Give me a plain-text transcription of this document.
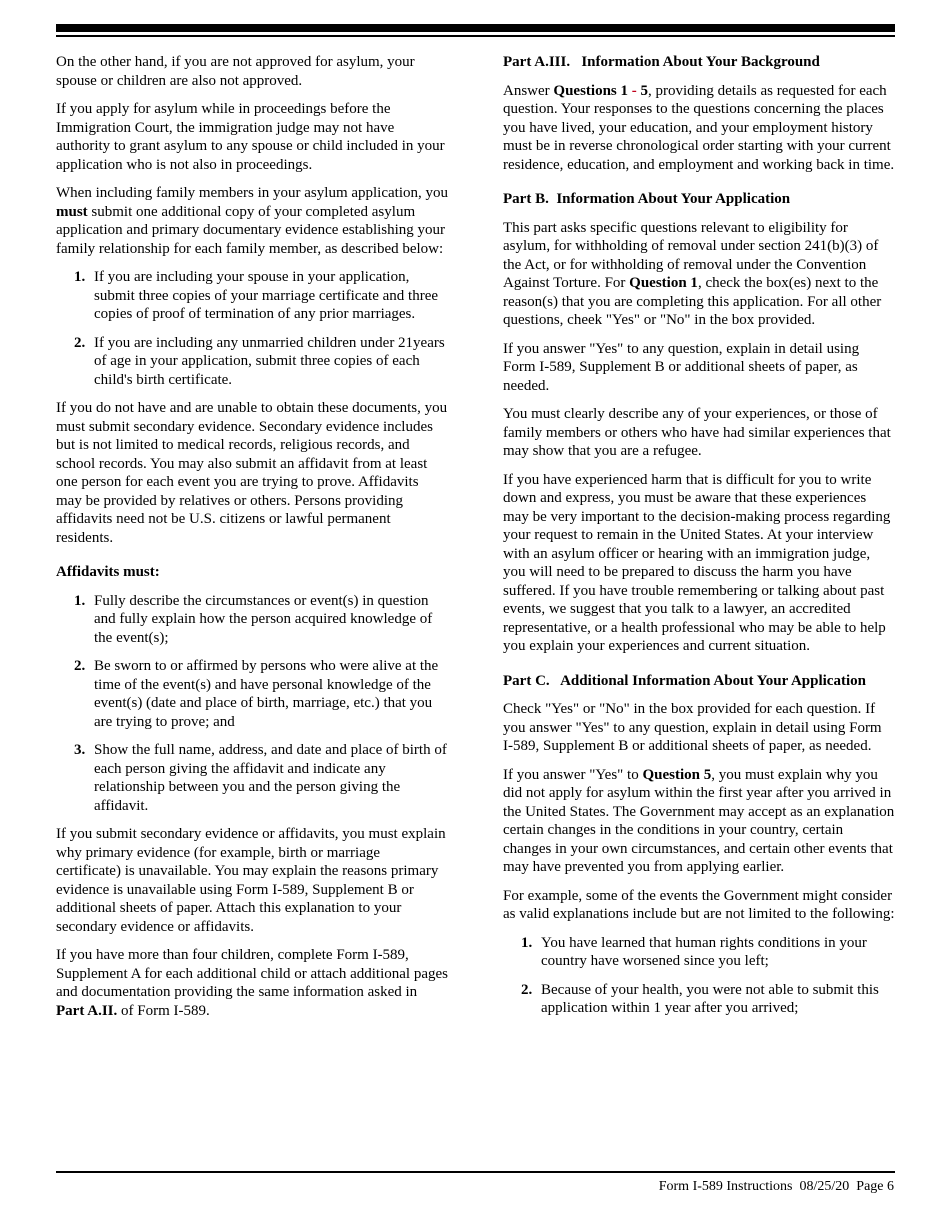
On the other hand, if you are not approved for asylum, your spouse or children are also not approved.

If you apply for asylum while in proceedings before the Immigration Court, the immigration judge may not have authority to grant asylum to any spouse or child included in your application who is not also in proceedings.

When including family members in your asylum application, you must submit one additional copy of your completed asylum application and primary documentary evidence establishing your family relationship for each family member, as described below:

1. If you are including your spouse in your application, submit three copies of your marriage certificate and three copies of proof of termination of any prior marriages.
2. If you are including any unmarried children under 21years of age in your application, submit three copies of each child's birth certificate.

If you do not have and are unable to obtain these documents, you must submit secondary evidence. Secondary evidence includes but is not limited to medical records, religious records, and school records. You may also submit an affidavit from at least one person for each event you are trying to prove. Affidavits may be provided by relatives or others. Persons providing affidavits need not be U.S. citizens or lawful permanent residents.

Affidavits must:

1. Fully describe the circumstances or event(s) in question and fully explain how the person acquired knowledge of the event(s);
2. Be sworn to or affirmed by persons who were alive at the time of the event(s) and have personal knowledge of the event(s) (date and place of birth, marriage, etc.) that you are trying to prove; and
3. Show the full name, address, and date and place of birth of each person giving the affidavit and indicate any relationship between you and the person giving the affidavit.

If you submit secondary evidence or affidavits, you must explain why primary evidence (for example, birth or marriage certificate) is unavailable. You may explain the reasons primary evidence is unavailable using Form I-589, Supplement B or additional sheets of paper. Attach this explanation to your secondary evidence or affidavits.

If you have more than four children, complete Form I-589, Supplement A for each additional child or attach additional pages and documentation providing the same information asked in Part A.II. of Form I-589.

Part A.III.   Information About Your Background

Answer Questions 1 - 5, providing details as requested for each question. Your responses to the questions concerning the places you have lived, your education, and your employment history must be in reverse chronological order starting with your current residence, education, and employment and working back in time.

Part B.  Information About Your Application

This part asks specific questions relevant to eligibility for asylum, for withholding of removal under section 241(b)(3) of the Act, or for withholding of removal under the Convention Against Torture. For Question 1, check the box(es) next to the reason(s) that you are completing this application. For all other questions, cheek "Yes" or "No" in the box provided.

If you answer "Yes" to any question, explain in detail using Form I-589, Supplement B or additional sheets of paper, as needed.

You must clearly describe any of your experiences, or those of family members or others who have had similar experiences that may show that you are a refugee.

If you have experienced harm that is difficult for you to write down and express, you must be aware that these experiences may be very important to the decision-making process regarding your request to remain in the United States. At your interview with an asylum officer or hearing with an immigration judge, you will need to be prepared to discuss the harm you have suffered. If you have trouble remembering or talking about past events, we suggest that you talk to a lawyer, an accredited representative, or a health professional who may be able to help you explain your experiences and current situation.

Part C.   Additional Information About Your Application

Check "Yes" or "No" in the box provided for each question. If you answer "Yes" to any question, explain in detail using Form I-589, Supplement B or additional sheets of paper, as needed.

If you answer "Yes" to Question 5, you must explain why you did not apply for asylum within the first year after you arrived in the United States. The Government may accept as an explanation certain changes in the conditions in your country, certain changes in your own circumstances, and certain other events that may have prevented you from applying earlier.

For example, some of the events the Government might consider as valid explanations include but are not limited to the following:

1. You have learned that human rights conditions in your country have worsened since you left;
2. Because of your health, you were not able to submit this application within 1 year after you arrived;
Form I-589 Instructions  08/25/20  Page 6
